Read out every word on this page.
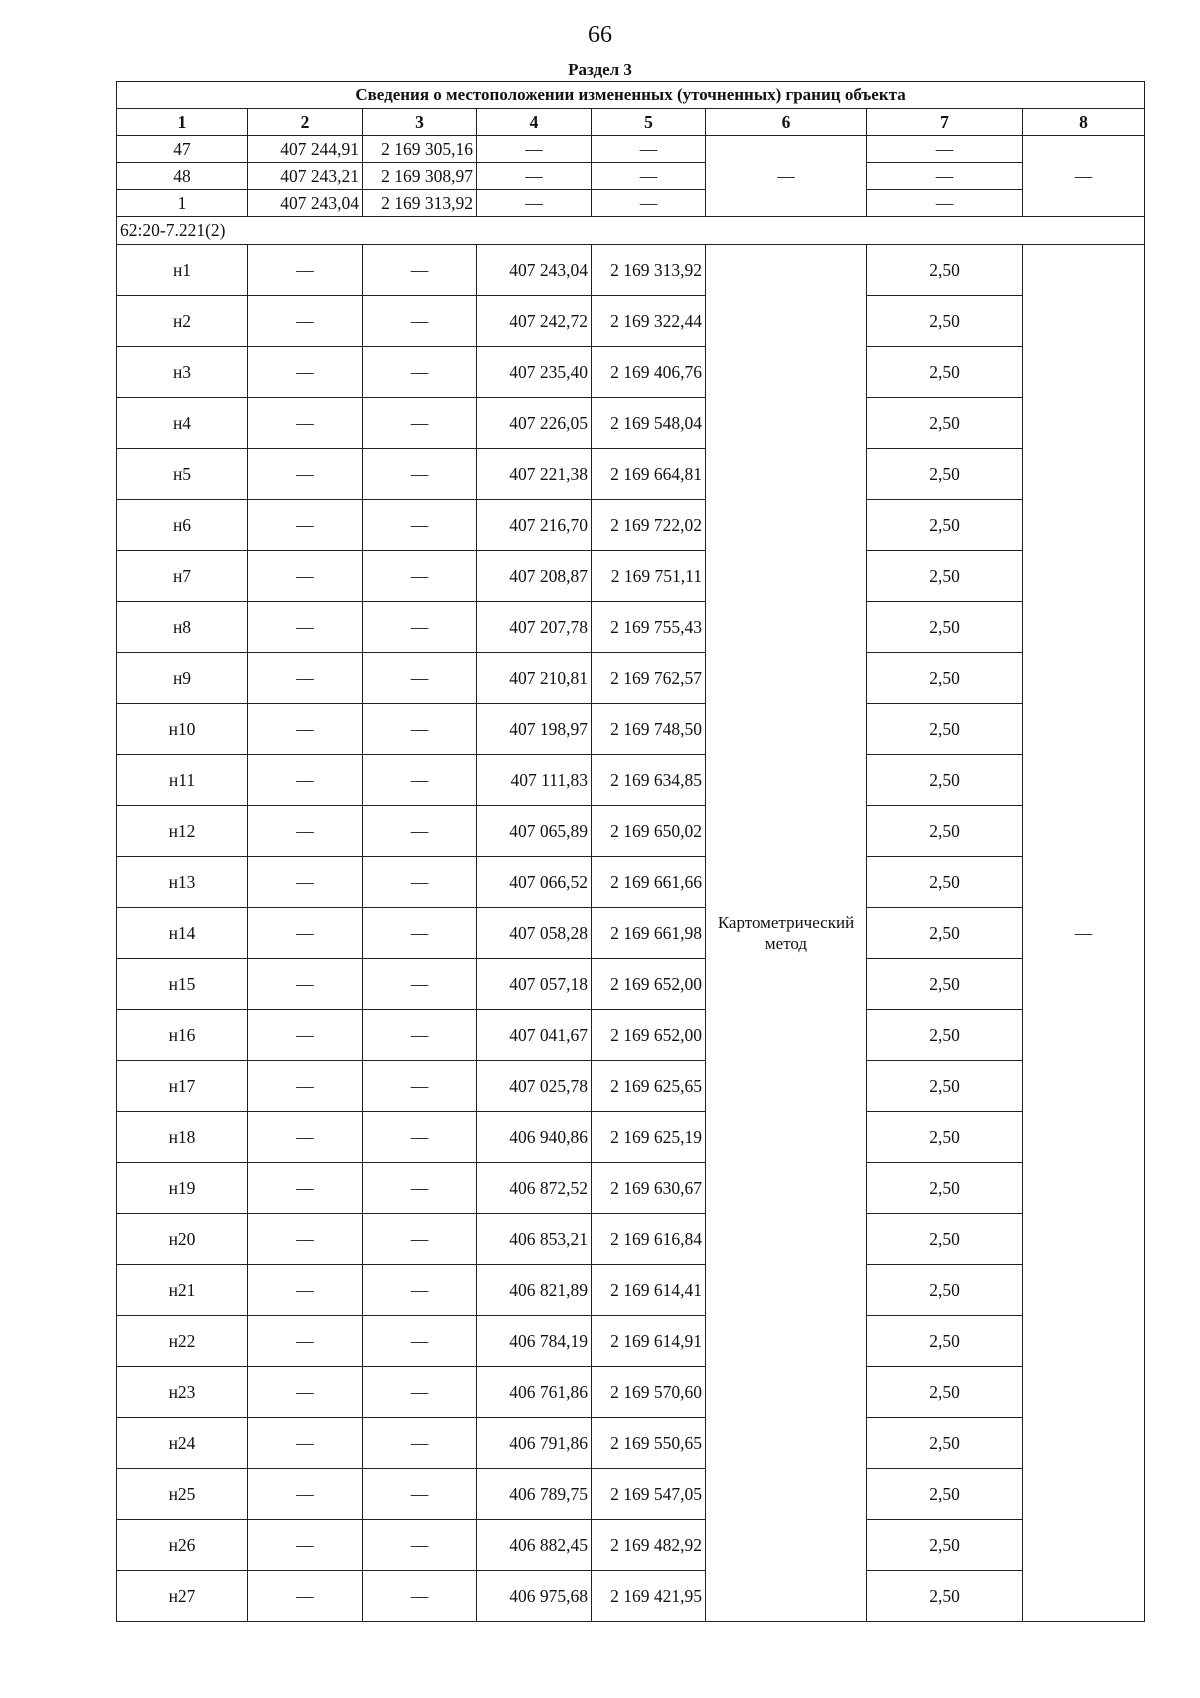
66
Раздел 3
Сведения о местоположении измененных (уточненных) границ объекта							
1	2	3	4	5	6	7	8
47	407 244,91	2 169 305,16	—	—	—	—	—
48	407 243,21	2 169 308,97	—	—		—	
1	407 243,04	2 169 313,92	—	—		—	
62:20-7.221(2)							
н1	—	—	407 243,04	2 169 313,92	Картометрический метод	2,50	—
н2	—	—	407 242,72	2 169 322,44		2,50	
н3	—	—	407 235,40	2 169 406,76		2,50	
н4	—	—	407 226,05	2 169 548,04		2,50	
н5	—	—	407 221,38	2 169 664,81		2,50	
н6	—	—	407 216,70	2 169 722,02		2,50	
н7	—	—	407 208,87	2 169 751,11		2,50	
н8	—	—	407 207,78	2 169 755,43		2,50	
н9	—	—	407 210,81	2 169 762,57		2,50	
н10	—	—	407 198,97	2 169 748,50		2,50	
н11	—	—	407 111,83	2 169 634,85		2,50	
н12	—	—	407 065,89	2 169 650,02		2,50	
н13	—	—	407 066,52	2 169 661,66		2,50	
н14	—	—	407 058,28	2 169 661,98		2,50	
н15	—	—	407 057,18	2 169 652,00		2,50	
н16	—	—	407 041,67	2 169 652,00		2,50	
н17	—	—	407 025,78	2 169 625,65		2,50	
н18	—	—	406 940,86	2 169 625,19		2,50	
н19	—	—	406 872,52	2 169 630,67		2,50	
н20	—	—	406 853,21	2 169 616,84		2,50	
н21	—	—	406 821,89	2 169 614,41		2,50	
н22	—	—	406 784,19	2 169 614,91		2,50	
н23	—	—	406 761,86	2 169 570,60		2,50	
н24	—	—	406 791,86	2 169 550,65		2,50	
н25	—	—	406 789,75	2 169 547,05		2,50	
н26	—	—	406 882,45	2 169 482,92		2,50	
н27	—	—	406 975,68	2 169 421,95		2,50	
